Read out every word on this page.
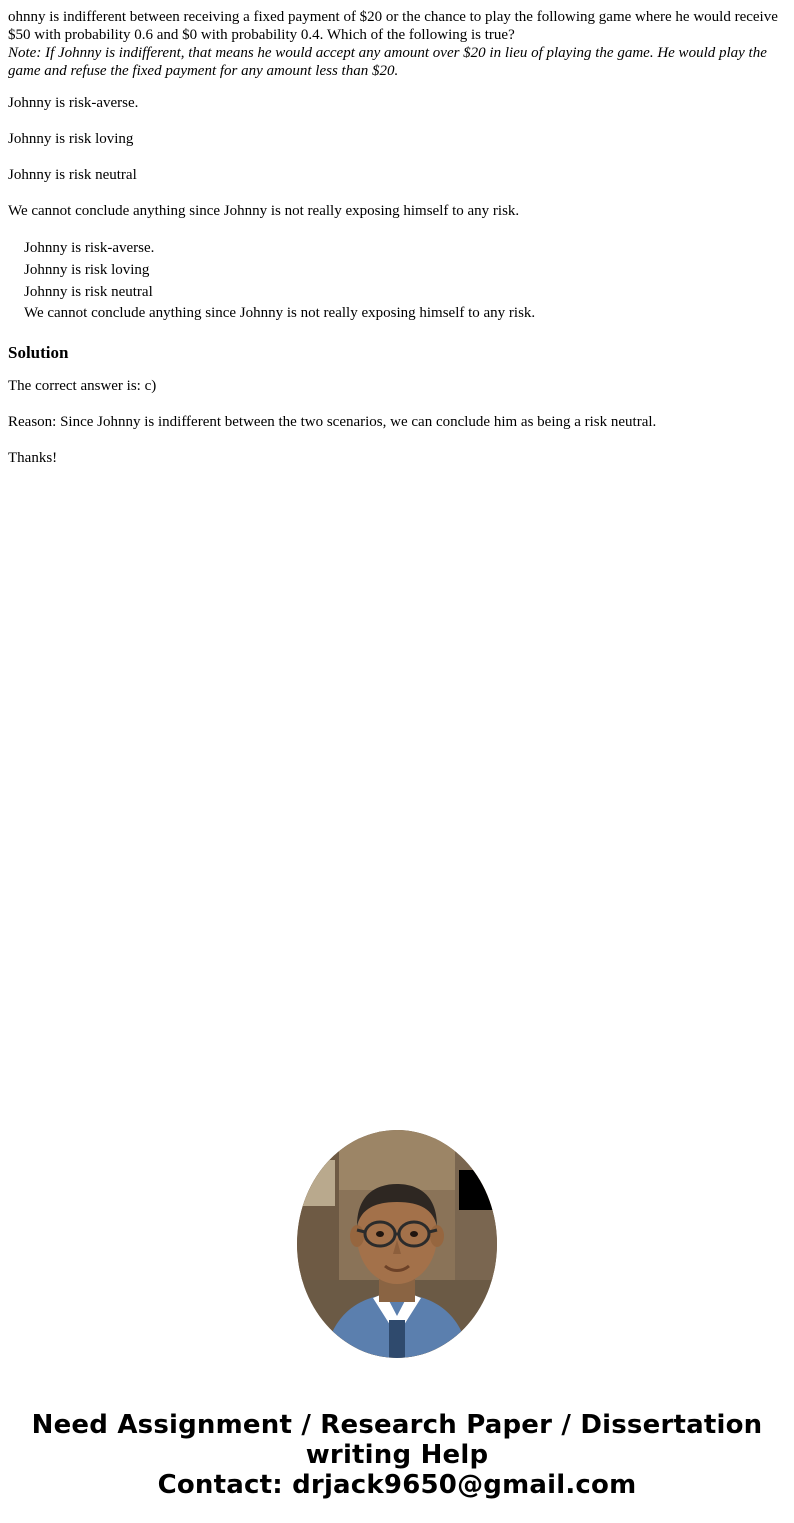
ohnny is indifferent between receiving a fixed payment of $20 or the chance to play the following game where he would receive $50 with probability 0.6 and $0 with probability 0.4. Which of the following is true?

Note: If Johnny is indifferent, that means he would accept any amount over $20 in lieu of playing the game. He would play the game and refuse the fixed payment for any amount less than $20.

Johnny is risk-averse.

Johnny is risk loving

Johnny is risk neutral

We cannot conclude anything since Johnny is not really exposing himself to any risk.

Johnny is risk-averse.
Johnny is risk loving
Johnny is risk neutral
We cannot conclude anything since Johnny is not really exposing himself to any risk.
Solution

The correct answer is: c)

Reason: Since Johnny is indifferent between the two scenarios, we can conclude him as being a risk neutral.

Thanks!

Need Assignment / Research Paper / Dissertation writing Help
Contact: drjack9650@gmail.com
